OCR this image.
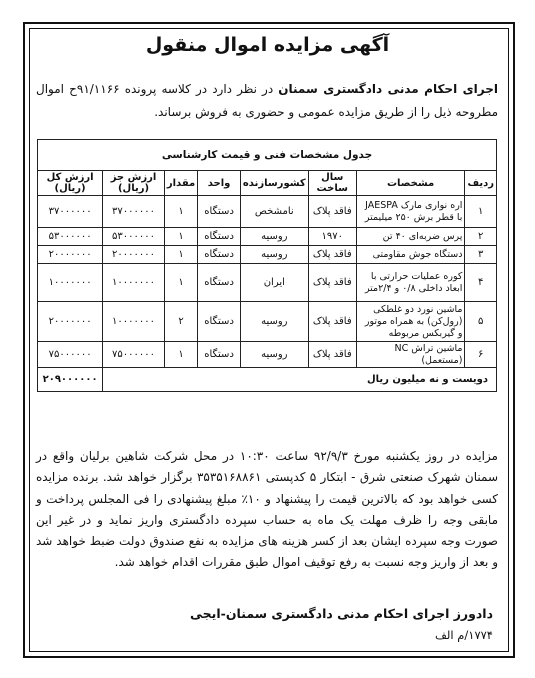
آگهی مزایده اموال منقول
اجرای احکام مدنی دادگستری سمنان در نظر دارد در کلاسه پرونده ۹۱/۱۱۶۶ح اموال مطروحه ذیل را از طریق مزایده عمومی و حضوری به فروش برساند.
جدول مشخصات فنی و قیمت کارشناسی							
ردیف	مشخصات	سال ساخت	کشورسازنده	واحد	مقدار	ارزش جز (ریال)	ارزش کل (ریال)
۱	اره نواری مارک JAESPA با قطر برش ۲۵۰ میلیمتر	فاقد پلاک	نامشخص	دستگاه	۱	۳۷۰۰۰۰۰۰	۳۷۰۰۰۰۰۰
۲	پرس ضربه‌ای ۴۰ تن	۱۹۷۰	روسیه	دستگاه	۱	۵۳۰۰۰۰۰۰	۵۳۰۰۰۰۰۰
۳	دستگاه جوش مقاومتی	فاقد پلاک	روسیه	دستگاه	۱	۲۰۰۰۰۰۰۰	۲۰۰۰۰۰۰۰
۴	کوره عملیات حرارتی با ابعاد داخلی ۰/۸ و ۲/۴متر	فاقد پلاک	ایران	دستگاه	۱	۱۰۰۰۰۰۰۰	۱۰۰۰۰۰۰۰
۵	ماشین نورد دو غلطکی (رول‌کن) به همراه موتور و گیربکس مربوطه	فاقد پلاک	روسیه	دستگاه	۲	۱۰۰۰۰۰۰۰	۲۰۰۰۰۰۰۰
۶	ماشین تراش NC (مستعمل)	فاقد پلاک	روسیه	دستگاه	۱	۷۵۰۰۰۰۰۰	۷۵۰۰۰۰۰۰
دویست و نه میلیون ریال							۲۰۹۰۰۰۰۰۰
مزایده در روز یکشنبه مورخ ۹۲/۹/۳ ساعت ۱۰:۳۰ در محل شرکت شاهین برلیان واقع در سمنان شهرک صنعتی شرق - ابتکار ۵ کدپستی ۳۵۳۵۱۶۸۸۶۱ برگزار خواهد شد. برنده مزایده کسی خواهد بود که بالاترین قیمت را پیشنهاد و ۱۰٪ مبلغ پیشنهادی را فی المجلس پرداخت و مابقی وجه را ظرف مهلت یک ماه به حساب سپرده دادگستری واریز نماید و در غیر این صورت وجه سپرده ایشان بعد از کسر هزینه های مزایده به نفع صندوق دولت ضبط خواهد شد و بعد از واریز وجه نسبت به رفع توقیف اموال طبق مقررات اقدام خواهد شد.
دادورز اجرای احکام مدنی دادگستری سمنان-ایجی
۱۷۷۴/م الف
